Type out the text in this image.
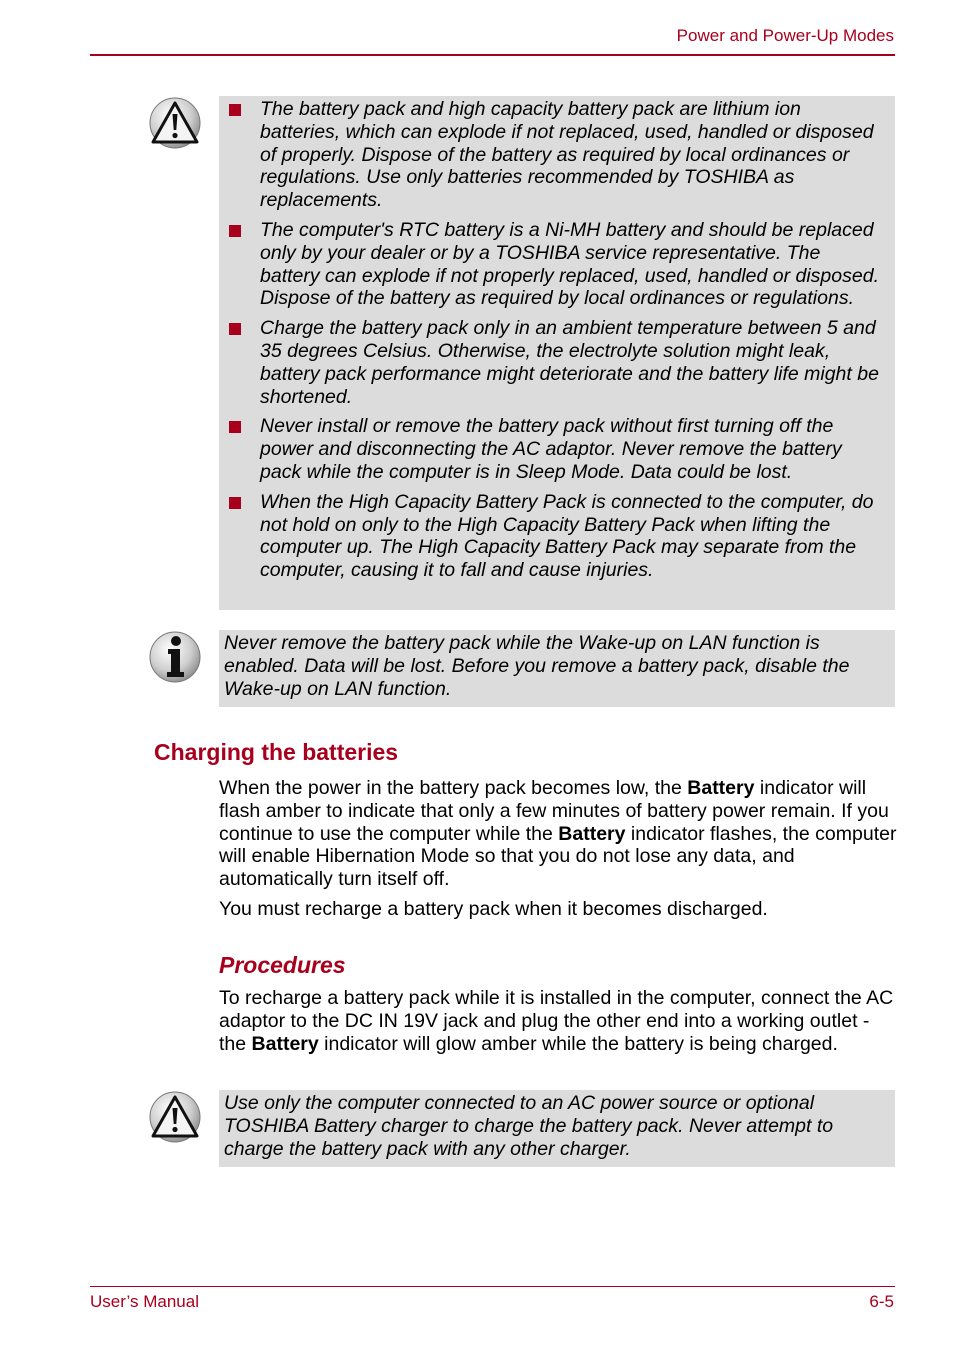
Power and Power-Up Modes
The battery pack and high capacity battery pack are lithium ion batteries, which can explode if not replaced, used, handled or disposed of properly. Dispose of the battery as required by local ordinances or regulations. Use only batteries recommended by TOSHIBA as replacements.
The computer's RTC battery is a Ni-MH battery and should be replaced only by your dealer or by a TOSHIBA service representative. The battery can explode if not properly replaced, used, handled or disposed. Dispose of the battery as required by local ordinances or regulations.
Charge the battery pack only in an ambient temperature between 5 and 35 degrees Celsius. Otherwise, the electrolyte solution might leak, battery pack performance might deteriorate and the battery life might be shortened.
Never install or remove the battery pack without first turning off the power and disconnecting the AC adaptor. Never remove the battery pack while the computer is in Sleep Mode. Data could be lost.
When the High Capacity Battery Pack is connected to the computer, do not hold on only to the High Capacity Battery Pack when lifting the computer up. The High Capacity Battery Pack may separate from the computer, causing it to fall and cause injuries.
Never remove the battery pack while the Wake-up on LAN function is enabled. Data will be lost. Before you remove a battery pack, disable the Wake-up on LAN function.
Charging the batteries

When the power in the battery pack becomes low, the Battery indicator will flash amber to indicate that only a few minutes of battery power remain. If you continue to use the computer while the Battery indicator flashes, the computer will enable Hibernation Mode so that you do not lose any data, and automatically turn itself off.

You must recharge a battery pack when it becomes discharged.

Procedures

To recharge a battery pack while it is installed in the computer, connect the AC adaptor to the DC IN 19V jack and plug the other end into a working outlet - the Battery indicator will glow amber while the battery is being charged.

Use only the computer connected to an AC power source or optional TOSHIBA Battery charger to charge the battery pack. Never attempt to charge the battery pack with any other charger.
User’s Manual	6-5
